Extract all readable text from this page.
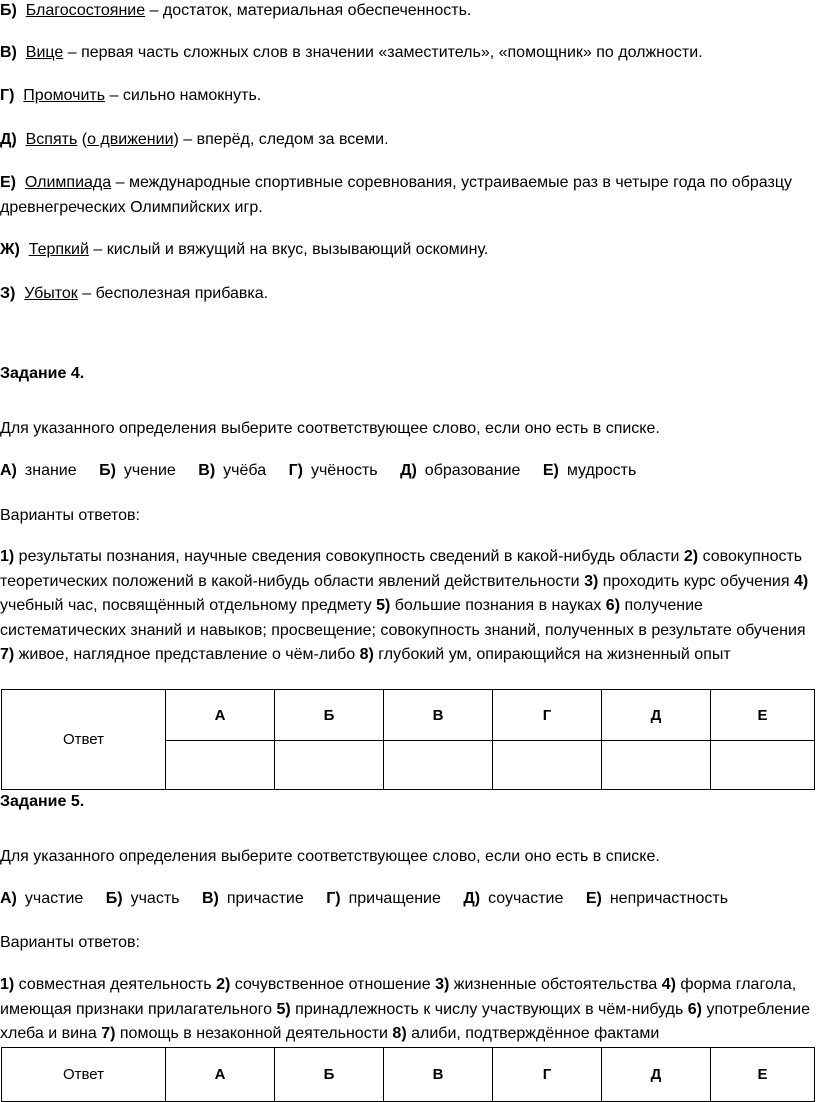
Б) Благосостояние – достаток, материальная обеспеченность.
В) Вице – первая часть сложных слов в значении «заместитель», «помощник» по должности.
Г) Промочить – сильно намокнуть.
Д) Вспять (о движении) – вперёд, следом за всеми.
Е) Олимпиада – международные спортивные соревнования, устраиваемые раз в четыре года по образцу
древнегреческих Олимпийских игр.
Ж) Терпкий – кислый и вяжущий на вкус, вызывающий оскомину.
З) Убыток – бесполезная прибавка.
Задание 4.
Для указанного определения выберите соответствующее слово, если оно есть в списке.
А) знание Б) учение В) учёба Г) учёность Д) образование Е) мудрость
Варианты ответов:
1) результаты познания, научные сведения совокупность сведений в какой-нибудь области 2) совокупность теоретических положений в какой-нибудь области явлений действительности 3) проходить курс обучения 4) учебный час, посвящённый отдельному предмету 5) большие познания в науках 6) получение систематических знаний и навыков; просвещение; совокупность знаний, полученных в результате обучения 7) живое, наглядное представление о чём-либо 8) глубокий ум, опирающийся на жизненный опыт
Ответ	А	Б	В	Г	Д	Е

Задание 5.
Для указанного определения выберите соответствующее слово, если оно есть в списке.
А) участие Б) участь В) причастие Г) причащение Д) соучастие Е) непричастность
Варианты ответов:
1) совместная деятельность 2) сочувственное отношение 3) жизненные обстоятельства 4) форма глагола, имеющая признаки прилагательного 5) принадлежность к числу участвующих в чём-нибудь 6) употребление хлеба и вина 7) помощь в незаконной деятельности 8) алиби, подтверждённое фактами
Ответ	А	Б	В	Г	Д	Е
